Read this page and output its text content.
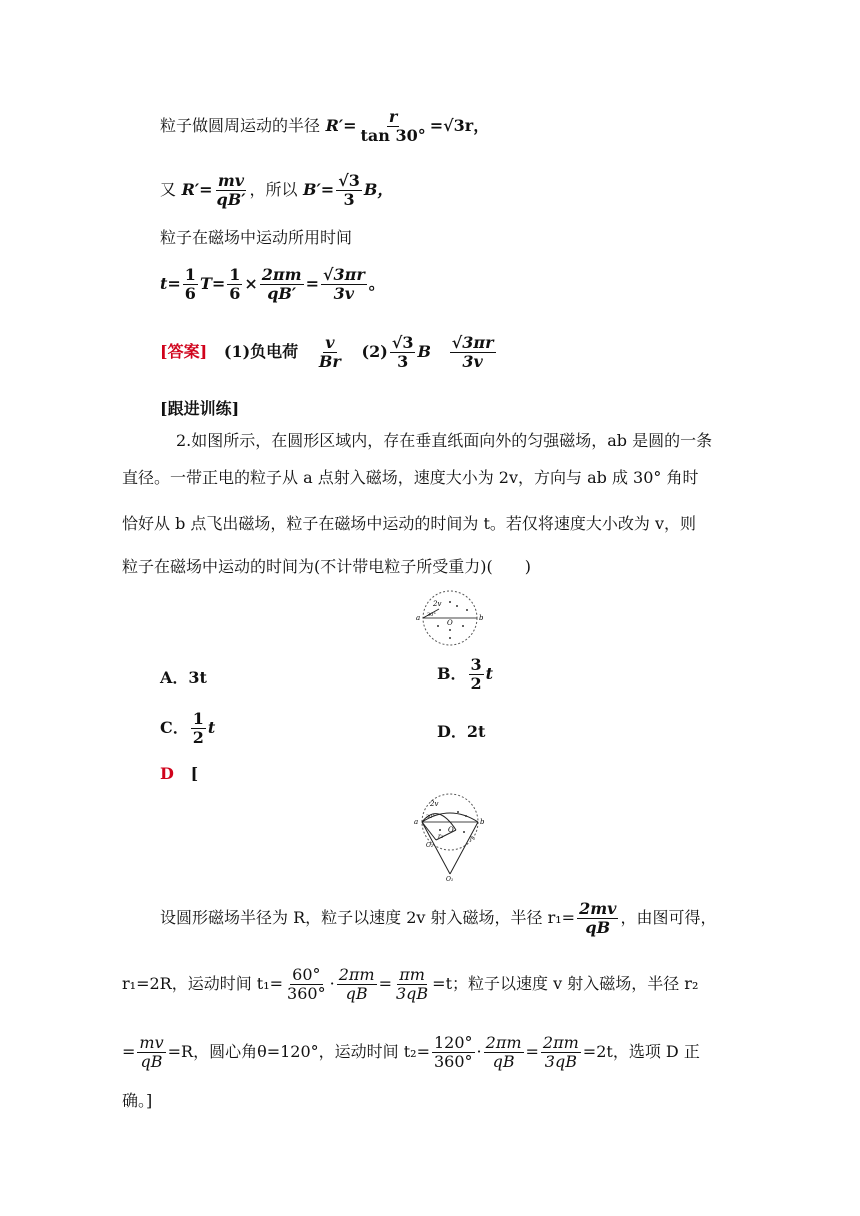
粒子做圆周运动的半径 $R'= \frac{r}{\tan 30^\circ} =√3r$，
又 $R'= \frac{mv}{qB'}$ ，所以 $B'= \frac{√3}{3}$ B，
粒子在磁场中运动所用时间
$t= \frac{1}{6} T= \frac{1}{6} \times \frac{2\pi m}{qB'} = \frac{√3\pi r}{3v}$ 。
[答案] (1)负电荷 $\frac{v}{Br} (2) \frac{√3}{3}$ B $\frac{√3\pi r}{3v}$
[跟进训练]
2.如图所示，在圆形区域内，存在垂直纸面向外的匀强磁场，ab 是圆的一条
直径。一带正电的粒子从 a 点射入磁场，速度大小为 2v，方向与 ab 成 30° 角时
恰好从 b 点飞出磁场，粒子在磁场中运动的时间为 t。若仅将速度大小改为 v，则
粒子在磁场中运动的时间为(不计带电粒子所受重力)(　　)
2v
30°
a	b
O
A．3t	B． $\frac{3}{2}$ t
C． $\frac{1}{2}$ t	D．2t
D [
2v
30°
a	b
O
O₂
O₁
r₂	r₁
设圆形磁场半径为 R，粒子以速度 2v 射入磁场，半径 $r_1= \frac{2mv}{qB}$ ，由图可得，
r₁=2R，运动时间 $t_1= \frac{60^\circ}{360^\circ} \cdot \frac{2\pi m}{qB} = \frac{\pi m}{3qB} =t$；粒子以速度 v 射入磁场，半径 r₂
= $\frac{mv}{qB} =R$，圆心角θ=120°，运动时间 $t_2= \frac{120^\circ}{360^\circ} \cdot \frac{2\pi m}{qB} = \frac{2\pi m}{3qB} =2t$，选项 D 正
确。]
